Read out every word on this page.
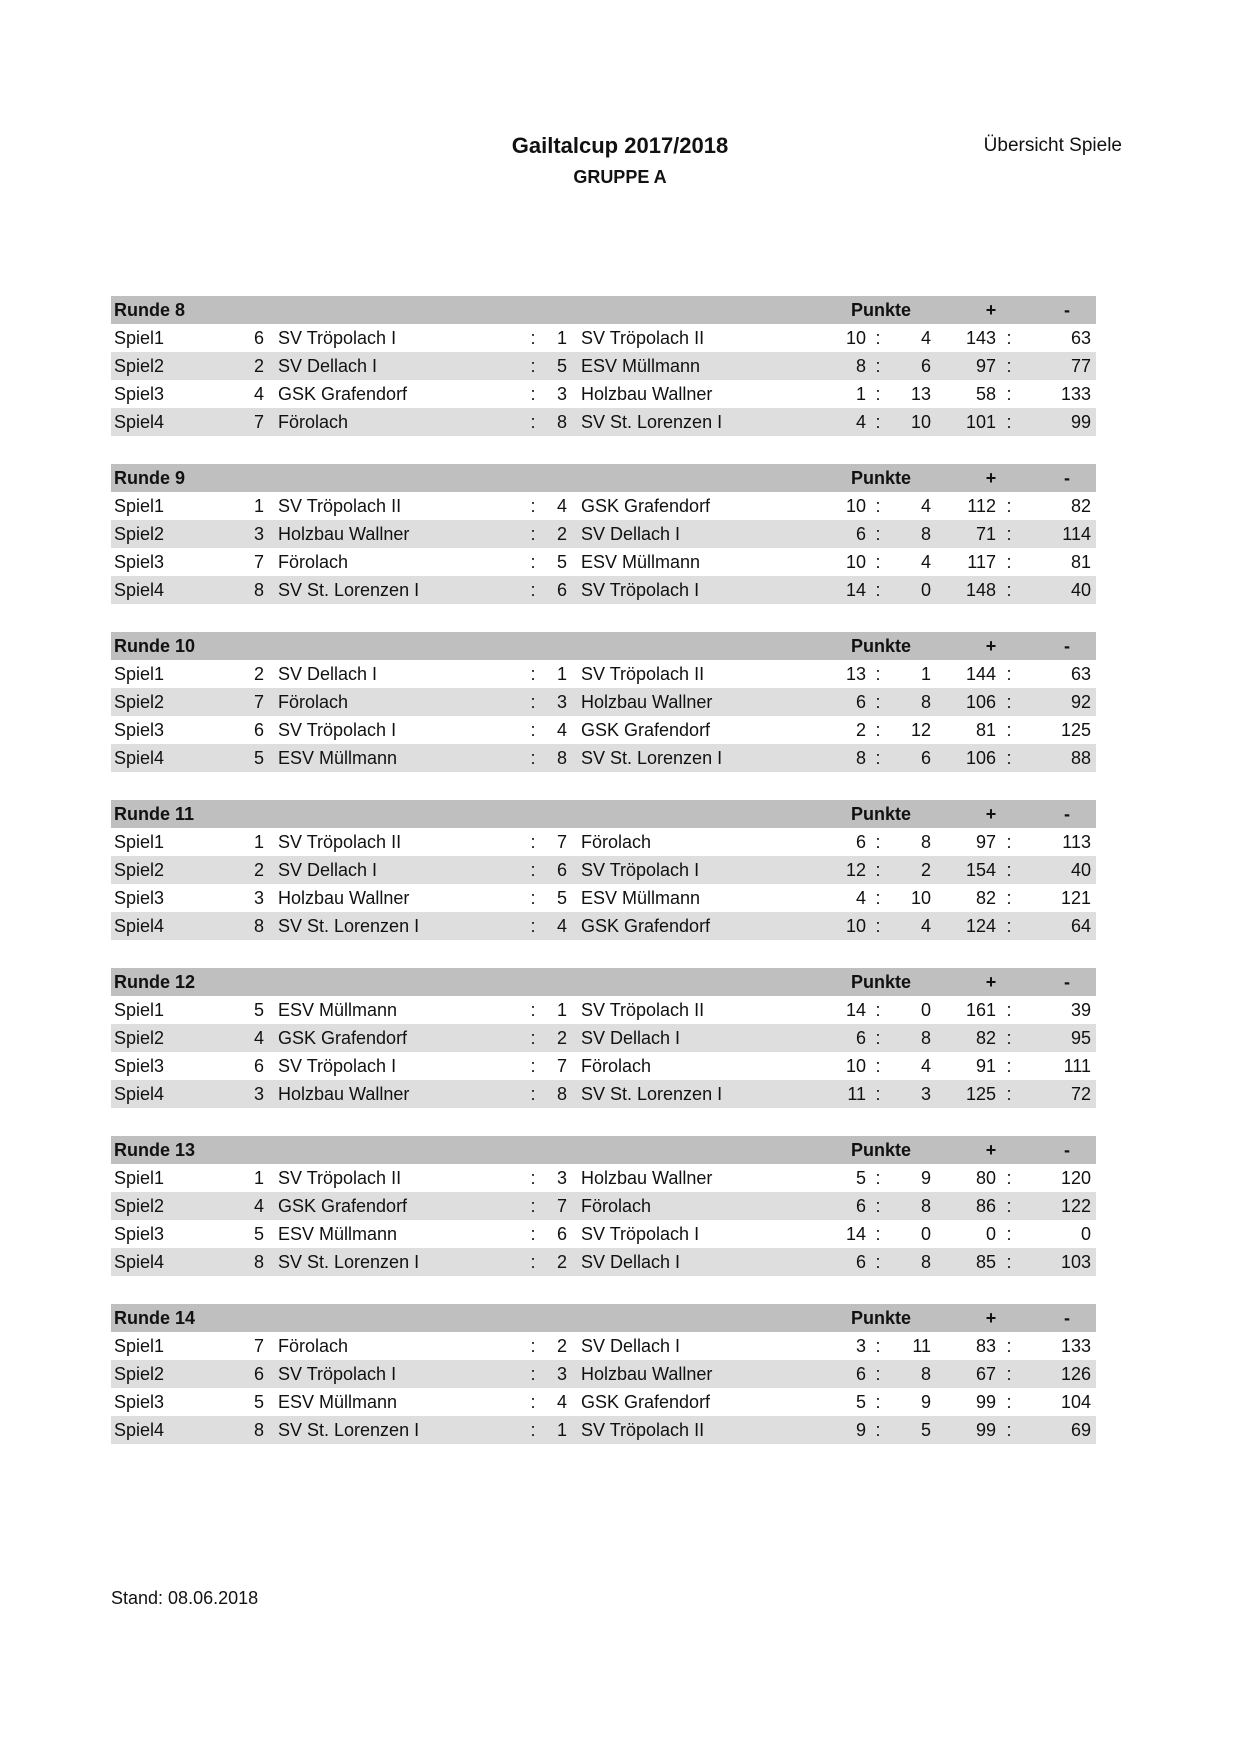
Gailtalcup 2017/2018
GRUPPE A
Übersicht Spiele
Runde 8	Punkte	+	-
Spiel1	6 SV Tröpolach I	:	1 SV Tröpolach II	10 :	4	143 :	63
Spiel2	2 SV Dellach I	:	5 ESV Müllmann	8 :	6	97 :	77
Spiel3	4 GSK Grafendorf	:	3 Holzbau Wallner	1 :	13	58 :	133
Spiel4	7 Förolach	:	8 SV St. Lorenzen I	4 :	10	101 :	99
Runde 9	Punkte	+	-
Spiel1	1 SV Tröpolach II	:	4 GSK Grafendorf	10 :	4	112 :	82
Spiel2	3 Holzbau Wallner	:	2 SV Dellach I	6 :	8	71 :	114
Spiel3	7 Förolach	:	5 ESV Müllmann	10 :	4	117 :	81
Spiel4	8 SV St. Lorenzen I	:	6 SV Tröpolach I	14 :	0	148 :	40
Runde 10	Punkte	+	-
Spiel1	2 SV Dellach I	:	1 SV Tröpolach II	13 :	1	144 :	63
Spiel2	7 Förolach	:	3 Holzbau Wallner	6 :	8	106 :	92
Spiel3	6 SV Tröpolach I	:	4 GSK Grafendorf	2 :	12	81 :	125
Spiel4	5 ESV Müllmann	:	8 SV St. Lorenzen I	8 :	6	106 :	88
Runde 11	Punkte	+	-
Spiel1	1 SV Tröpolach II	:	7 Förolach	6 :	8	97 :	113
Spiel2	2 SV Dellach I	:	6 SV Tröpolach I	12 :	2	154 :	40
Spiel3	3 Holzbau Wallner	:	5 ESV Müllmann	4 :	10	82 :	121
Spiel4	8 SV St. Lorenzen I	:	4 GSK Grafendorf	10 :	4	124 :	64
Runde 12	Punkte	+	-
Spiel1	5 ESV Müllmann	:	1 SV Tröpolach II	14 :	0	161 :	39
Spiel2	4 GSK Grafendorf	:	2 SV Dellach I	6 :	8	82 :	95
Spiel3	6 SV Tröpolach I	:	7 Förolach	10 :	4	91 :	111
Spiel4	3 Holzbau Wallner	:	8 SV St. Lorenzen I	11 :	3	125 :	72
Runde 13	Punkte	+	-
Spiel1	1 SV Tröpolach II	:	3 Holzbau Wallner	5 :	9	80 :	120
Spiel2	4 GSK Grafendorf	:	7 Förolach	6 :	8	86 :	122
Spiel3	5 ESV Müllmann	:	6 SV Tröpolach I	14 :	0	0 :	0
Spiel4	8 SV St. Lorenzen I	:	2 SV Dellach I	6 :	8	85 :	103
Runde 14	Punkte	+	-
Spiel1	7 Förolach	:	2 SV Dellach I	3 :	11	83 :	133
Spiel2	6 SV Tröpolach I	:	3 Holzbau Wallner	6 :	8	67 :	126
Spiel3	5 ESV Müllmann	:	4 GSK Grafendorf	5 :	9	99 :	104
Spiel4	8 SV St. Lorenzen I	:	1 SV Tröpolach II	9 :	5	99 :	69
Stand: 08.06.2018
